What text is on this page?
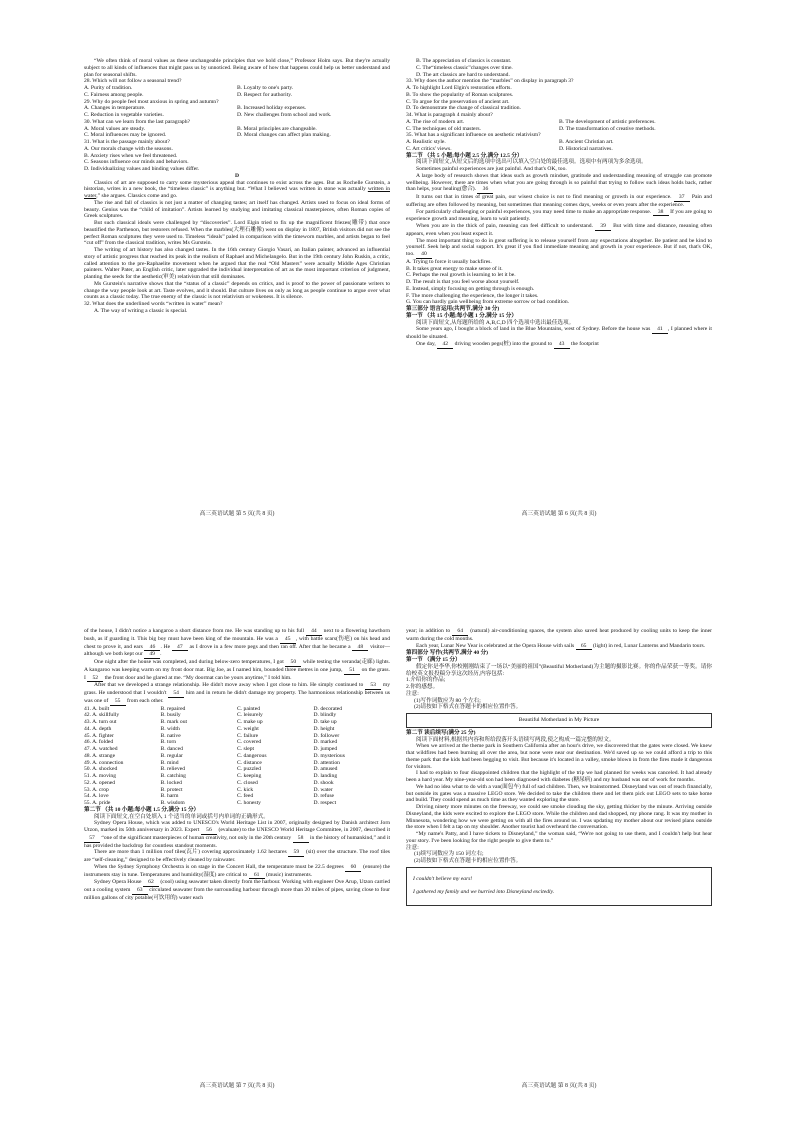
“We often think of moral values as these unchangeable principles that we hold close,” Professor Holm says. But they're actually subject to all kinds of influences that might pass us by unnoticed. Being aware of how that happens could help us better understand and plan for seasonal shifts.

28. Which will not follow a seasonal trend?
A. Purity of tradition.	B. Loyalty to one's party.
C. Fairness among people.	D. Respect for authority.
29. Why do people feel most anxious in spring and autumn?
A. Changes in temperature.	B. Increased holiday expenses.
C. Reduction in vegetable varieties.	D. New challenges from school and work.
30. What can we learn from the last paragraph?
A. Moral values are steady.	B. Moral principles are changeable.
C. Moral influences may be ignored.	D. Moral changes can affect plan making.
31. What is the passage mainly about?
A. Our morals change with the seasons.
B. Anxiety rises when we feel threatened.
C. Seasons influence our minds and behaviors.
D. Individualizing values and binding values differ.
D

Classics of art are supposed to carry some mysterious appeal that continues to exist across the ages. But as Rochelle Gurstein, a historian, writes in a new book, the “timeless classic” is anything but. “What I believed was written in stone was actually written in water,” she argues. Classics come and go.

The rise and fall of classics is not just a matter of changing tastes; art itself has changed. Artists used to focus on ideal forms of beauty. Genius was the “child of imitation”. Artists learned by studying and imitating classical masterpieces, often Roman copies of Greek sculptures.

But such classical ideals were challenged by “discoveries”. Lord Elgin tried to fix up the magnificent friezes(雕带) that once beautified the Parthenon, but restorers refused. When the marbles(大理石雕像) went on display in 1807, British visitors did not see the perfect Roman sculptures they were used to. Timeless “ideals” paled in comparison with the timeworn marbles, and artists began to feel “cut off” from the classical tradition, writes Ms Gurstein.

The writing of art history has also changed tastes. In the 16th century Giorgio Vasari, an Italian painter, advanced an influential story of artistic progress that reached its peak in the realism of Raphael and Michelangelo. But in the 19th century John Ruskin, a critic, called attention to the pre-Raphaelite movement when he argued that the real “Old Masters” were actually Middle Ages Christian painters. Walter Pater, an English critic, later upgraded the individual interpretation of art as the most important criterion of judgment, planting the seeds for the aesthetic(审美) relativism that still dominates.

Ms Gurstein's narrative shows that the “status of a classic” depends on critics, and is proof to the power of passionate writers to change the way people look at art. Taste evolves, and it should. But culture lives on only as long as people continue to argue over what counts as a classic today. The true enemy of the classic is not relativism or wokeness. It is silence.

32. What does the underlined words “written in water” mean?
A. The way of writing a classic is special.
高三英语试题 第 5 页(共 8 页)
B. The appreciation of classics is constant.
C. The“timeless classic”changes over time.
D. The art classics are hard to understand.
33. Why does the author mention the “marbles” on display in paragraph 3?
A. To highlight Lord Elgin's restoration efforts.
B. To show the popularity of Roman sculptures.
C. To argue for the preservation of ancient art.
D. To demonstrate the change of classical tradition.
34. What is paragraph 4 mainly about?
A. The rise of modern art.	B. The development of artistic preferences.
C. The techniques of old masters.	D. The transformation of creative methods.
35. What has a significant influence on aesthetic relativism?
A. Realistic style.	B. Ancient Christian art.
C. Art critics' views.	D. Historical narratives.
第二节 （共 5 小题;每小题 2.5 分,满分 12.5 分）

阅读下面短文,从短文后的选项中选出可以填入空白处的最佳选项。选项中有两项为多余选项。

Sometimes painful experiences are just painful. And that's OK, too.

A large body of research shows that ideas such as growth mindset, gratitude and understanding meaning of struggle can promote wellbeing. However, there are times when what you are going through is so painful that trying to follow such ideas holds back, rather than helps, your healing(愈合). 36

It turns out that in times of great pain, our wisest choice is not to find meaning or growth in our experience. 37 Pain and suffering are often followed by meaning, but sometimes that meaning comes days, weeks or even years after the experience.

For particularly challenging or painful experiences, you may need time to make an appropriate response. 38 If you are going to experience growth and meaning, learn to wait patiently.

When you are in the thick of pain, meaning can feel difficult to understand. 39 But with time and distance, meaning often appears, even when you least expect it.

The most important thing to do in great suffering is to release yourself from any expectations altogether. Be patient and be kind to yourself. Seek help and social support. It's great if you find immediate meaning and growth in your experience. But if not, that's OK, too. 40

A. Trying to force it usually backfires.
B. It takes great energy to make sense of it.
C. Perhaps the real growth is learning to let it be.
D. The result is that you feel worse about yourself.
E. Instead, simply focusing on getting through is enough.
F. The more challenging the experience, the longer it takes.
G. You can hardly gain wellbeing from extreme sorrow or bad condition.
第三部分 语言运用(共两节,满分 30 分)
第一节 （共 15 小题;每小题 1 分,满分 15 分）

阅读下面短文,从每题所给的 A,B,C,D 四个选项中选出最佳选项。

Some years ago, I bought a block of land in the Blue Mountains, west of Sydney. Before the house was 41 , I planned where it should be situated.

One day, 42 driving wooden pegs(桩) into the ground to 43 the footprint

高三英语试题 第 6 页(共 8 页)

of the house, I didn't notice a kangaroo a short distance from me. He was standing up to his full 44 next to a flowering hawthorn bush, as if guarding it. This big boy must have been king of the mountain. He was a 45 , with battle scars(伤疤) on his head and chest to prove it, and ears 46 . He 47 as I drove in a few more pegs and then ran off. After that he became a 48 visitor—although we both kept our 49 .

One night after the house was completed, and during below-zero temperatures, I got 50 while testing the veranda(走廊) lights. A kangaroo was keeping warm on my front door mat. Big Joe, as I named him, bounded three metres in one jump, 51 on the grass. I 52 the front door and he glared at me. “My doormat can be yours anytime,” I told him.

After that we developed a strange relationship. He didn't move away when I got close to him. He simply continued to 53 my grass. He understood that I wouldn't 54 him and in return he didn't damage my property. The harmonious relationship between us was one of 55 from each other.

41. A. built	B. repaired	C. painted	D. decorated
42. A. skillfully	B. busily	C. leisurely	D. blindly
43. A. turn out	B. mark out	C. make up	D. take up
44. A. depth	B. width	C. weight	D. height
45. A. fighter	B. native	C. failure	D. follower
46. A. folded	B. torn	C. covered	D. marked
47. A. watched	B. danced	C. slept	D. jumped
48. A. strange	B. regular	C. dangerous	D. mysterious
49. A. connection	B. mind	C. distance	D. attention
50. A. shocked	B. relieved	C. puzzled	D. amused
51. A. moving	B. catching	C. keeping	D. landing
52. A. opened	B. locked	C. closed	D. shook
53. A. crop	B. protect	C. kick	D. water
54. A. love	B. harm	C. feed	D. refuse
55. A. pride	B. wisdom	C. honesty	D. respect
第二节 （共 10 小题;每小题 1.5 分,满分 15 分）

阅读下面短文,在空白处填入 1 个适当的单词或括号内单词的正确形式。

Sydney Opera House, which was added to UNESCO's World Heritage List in 2007, originally designed by Danish architect Jorn Utzon, marked its 50th anniversary in 2023. Expert 56 (evaluate) to the UNESCO World Heritage Committee, in 2007, described it 57 “one of the significant masterpieces of human creativity, not only in the 20th century 58 in the history of humankind,” and it has provided the backdrop for countless standout moments.

There are more than 1 million roof tiles(瓦片) covering approximately 1.62 hectares 59 (sit) over the structure. The roof tiles are “self-cleaning,” designed to be effectively cleaned by rainwater.

When the Sydney Symphony Orchestra is on stage in the Concert Hall, the temperature must be 22.5 degrees 60 (ensure) the instruments stay in tune. Temperatures and humidity(湿度) are critical to 61 (music) instruments.

Sydney Opera House 62 (cool) using seawater taken directly from the harbour. Working with engineer Ove Arup, Utzon carried out a cooling system 63 circulated seawater from the surrounding harbour through more than 20 miles of pipes, saving close to four million gallons of city potable(可饮用的) water each

高三英语试题 第 7 页(共 8 页)

year; in addition to 64 (natural) air-conditioning spaces, the system also saved heat produced by cooling units to keep the inner warm during the cold months.

Each year, Lunar New Year is celebrated at the Opera House with sails 65 (light) in red, Lunar Lanterns and Mandarin tours.

第四部分 写作(共两节,满分 40 分)
第一节 （满分 15 分）

假定你是李华,你校刚刚结束了一场以“美丽的祖国”(Beautiful Motherland)为主题的摄影比赛。你的作品荣获一等奖。请你给校英文报投稿分享这次经历,内容包括:

1.介绍你的作品;
2.你的感想。
注意:
(1)写作词数应为 80 个左右;
(2)请按如下格式在答题卡的相应位置作答。
Beautiful Motherland in My Picture
第二节 读后续写(满分 25 分)

阅读下面材料,根据其内容和所给段落开头语续写两段,使之构成一篇完整的短文。

When we arrived at the theme park in Southern California after an hour's drive, we discovered that the gates were closed. We knew that wildfires had been burning all over the area, but none were near our destination. We'd saved up so we could afford a trip to this theme park that the kids had been begging to visit. But because it's located in a valley, smoke blown in from the fires made it dangerous for visitors.

I had to explain to four disappointed children that the highlight of the trip we had planned for weeks was canceled. It had already been a hard year. My nine-year-old son had been diagnosed with diabetes (糖尿病) and my husband was out of work for months.

We had no idea what to do with a van(面包车) full of sad children. Then, we brainstormed. Disneyland was out of reach financially, but outside its gates was a massive LEGO store. We decided to take the children there and let them pick out LEGO sets to take home and build. They could spend as much time as they wanted exploring the store.

Driving ninety more minutes on the freeway, we could see smoke clouding the sky, getting thicker by the minute. Arriving outside Disneyland, the kids were excited to explore the LEGO store. While the children and dad shopped, my phone rang. It was my mother in Minnesota, wondering how we were getting on with all the fires around us. I was updating my mother about our revised plans outside the store when I felt a tap on my shoulder. Another tourist had overheard the conversation.

“My name's Patty, and I have tickets to Disneyland,” the woman said, “We're not going to use them, and I couldn't help but hear your story. I've been looking for the right people to give them to.”

注意:
(1)续写词数应为 150 词左右;
(2)请按如下格式在答题卡的相应位置作答。
I couldn't believe my ears!
I gathered my family and we hurried into Disneyland excitedly.
高三英语试题 第 8 页(共 8 页)
